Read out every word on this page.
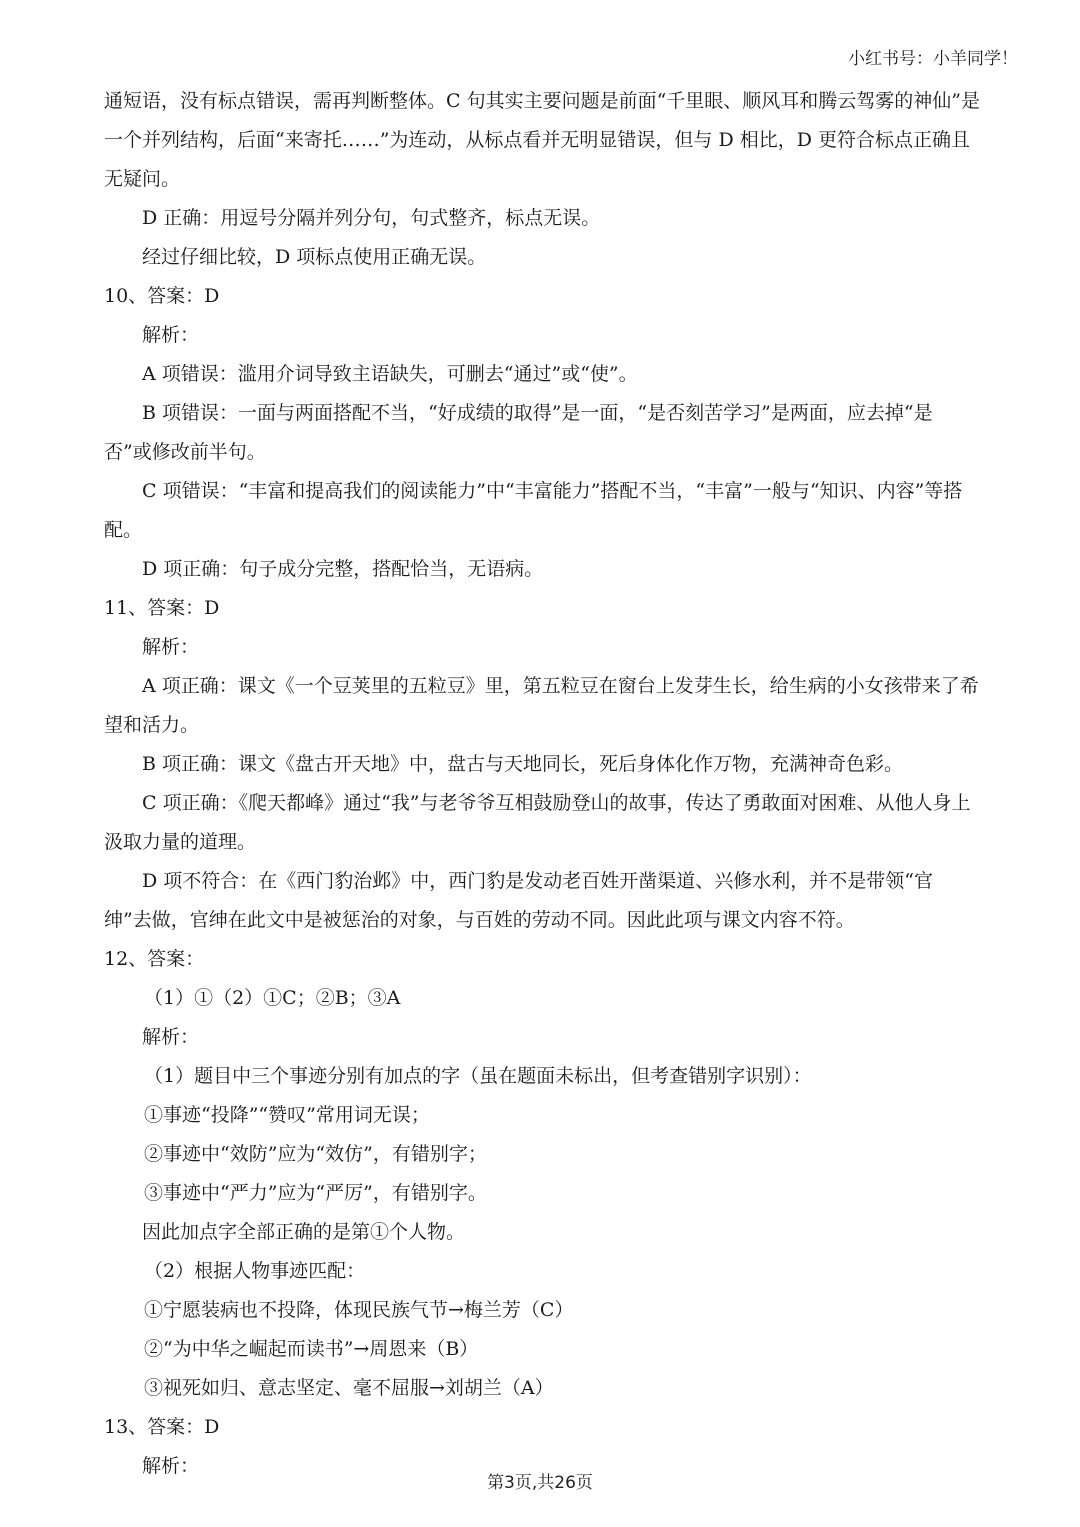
小红书号：小羊同学！

通短语，没有标点错误，需再判断整体。C 句其实主要问题是前面“千里眼、顺风耳和腾云驾雾的神仙”是一个并列结构，后面“来寄托……”为连动，从标点看并无明显错误，但与 D 相比，D 更符合标点正确且无疑问。

D 正确：用逗号分隔并列分句，句式整齐，标点无误。

经过仔细比较，D 项标点使用正确无误。

10、答案：D

解析：

A 项错误：滥用介词导致主语缺失，可删去“通过”或“使”。

B 项错误：一面与两面搭配不当，“好成绩的取得”是一面，“是否刻苦学习”是两面，应去掉“是否”或修改前半句。

C 项错误：“丰富和提高我们的阅读能力”中“丰富能力”搭配不当，“丰富”一般与“知识、内容”等搭配。

D 项正确：句子成分完整，搭配恰当，无语病。

11、答案：D

解析：

A 项正确：课文《一个豆荚里的五粒豆》里，第五粒豆在窗台上发芽生长，给生病的小女孩带来了希望和活力。

B 项正确：课文《盘古开天地》中，盘古与天地同长，死后身体化作万物，充满神奇色彩。

C 项正确：《爬天都峰》通过“我”与老爷爷互相鼓励登山的故事，传达了勇敢面对困难、从他人身上汲取力量的道理。

D 项不符合：在《西门豹治邺》中，西门豹是发动老百姓开凿渠道、兴修水利，并不是带领“官绅”去做，官绅在此文中是被惩治的对象，与百姓的劳动不同。因此此项与课文内容不符。

12、答案：

（1）①（2）①C；②B；③A

解析：

（1）题目中三个事迹分别有加点的字（虽在题面未标出，但考查错别字识别）：

①事迹“投降”“赞叹”常用词无误；

②事迹中“效防”应为“效仿”，有错别字；

③事迹中“严力”应为“严厉”，有错别字。

因此加点字全部正确的是第①个人物。

（2）根据人物事迹匹配：

①宁愿装病也不投降，体现民族气节→梅兰芳（C）

②“为中华之崛起而读书”→周恩来（B）

③视死如归、意志坚定、毫不屈服→刘胡兰（A）

13、答案：D

解析：

第3页,共26页
